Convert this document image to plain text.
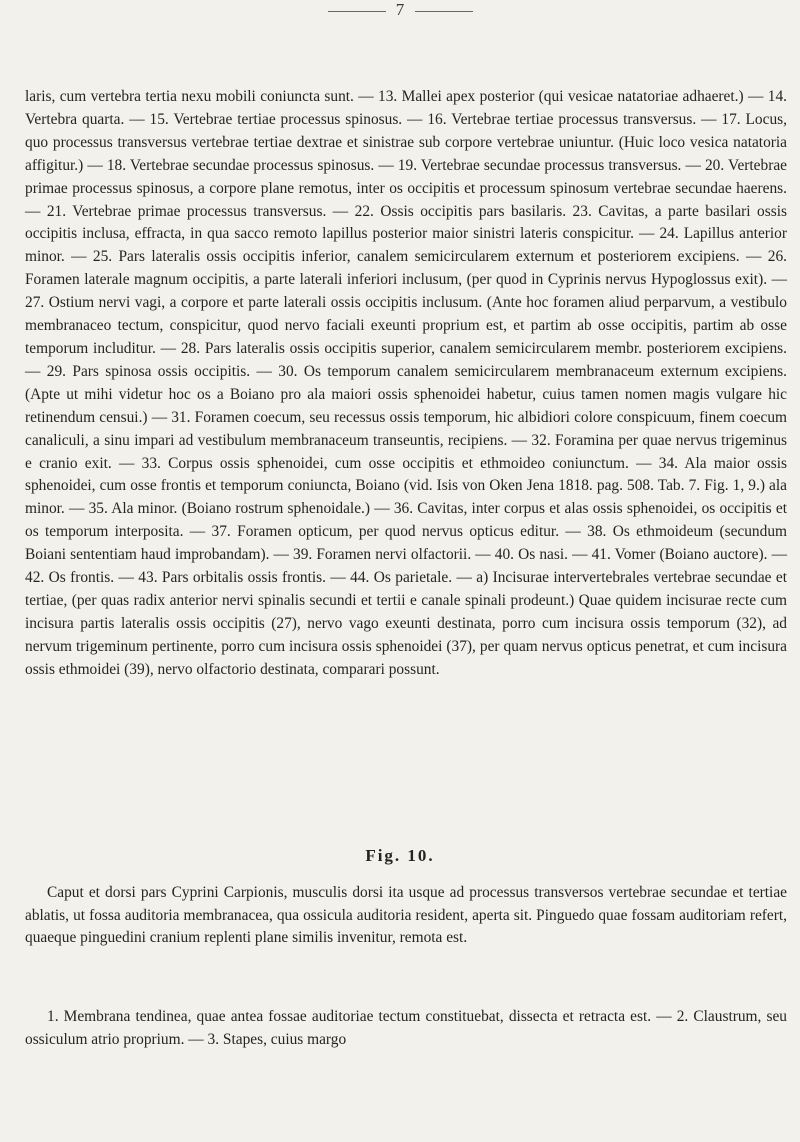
7

laris, cum vertebra tertia nexu mobili coniuncta sunt. — 13. Mallei apex posterior (qui vesicae natatoriae adhaeret.) — 14. Vertebra quarta. — 15. Vertebrae tertiae processus spinosus. — 16. Vertebrae tertiae processus transversus. — 17. Locus, quo processus transversus vertebrae tertiae dextrae et sinistrae sub corpore vertebrae uniuntur. (Huic loco vesica natatoria affigitur.) — 18. Vertebrae secundae processus spinosus. — 19. Vertebrae secundae processus transversus. — 20. Vertebrae primae processus spinosus, a corpore plane remotus, inter os occipitis et processum spinosum vertebrae secundae haerens. — 21. Vertebrae primae processus transversus. — 22. Ossis occipitis pars basilaris. 23. Cavitas, a parte basilari ossis occipitis inclusa, effracta, in qua sacco remoto lapillus posterior maior sinistri lateris conspicitur. — 24. Lapillus anterior minor. — 25. Pars lateralis ossis occipitis inferior, canalem semicircularem externum et posteriorem excipiens. — 26. Foramen laterale magnum occipitis, a parte laterali inferiori inclusum, (per quod in Cyprinis nervus Hypoglossus exit). — 27. Ostium nervi vagi, a corpore et parte laterali ossis occipitis inclusum. (Ante hoc foramen aliud perparvum, a vestibulo membranaceo tectum, conspicitur, quod nervo faciali exeunti proprium est, et partim ab osse occipitis, partim ab osse temporum includitur. — 28. Pars lateralis ossis occipitis superior, canalem semicircularem membr. posteriorem excipiens. — 29. Pars spinosa ossis occipitis. — 30. Os temporum canalem semicircularem membranaceum externum excipiens. (Apte ut mihi videtur hoc os a Boiano pro ala maiori ossis sphenoidei habetur, cuius tamen nomen magis vulgare hic retinendum censui.) — 31. Foramen coecum, seu recessus ossis temporum, hic albidiori colore conspicuum, finem coecum canaliculi, a sinu impari ad vestibulum membranaceum transeuntis, recipiens. — 32. Foramina per quae nervus trigeminus e cranio exit. — 33. Corpus ossis sphenoidei, cum osse occipitis et ethmoideo coniunctum. — 34. Ala maior ossis sphenoidei, cum osse frontis et temporum coniuncta, Boiano (vid. Isis von Oken Jena 1818. pag. 508. Tab. 7. Fig. 1, 9.) ala minor. — 35. Ala minor. (Boiano rostrum sphenoidale.) — 36. Cavitas, inter corpus et alas ossis sphenoidei, os occipitis et os temporum interposita. — 37. Foramen opticum, per quod nervus opticus editur. — 38. Os ethmoideum (secundum Boiani sententiam haud improbandam). — 39. Foramen nervi olfactorii. — 40. Os nasi. — 41. Vomer (Boiano auctore). — 42. Os frontis. — 43. Pars orbitalis ossis frontis. — 44. Os parietale. — a) Incisurae intervertebrales vertebrae secundae et tertiae, (per quas radix anterior nervi spinalis secundi et tertii e canale spinali prodeunt.) Quae quidem incisurae recte cum incisura partis lateralis ossis occipitis (27), nervo vago exeunti destinata, porro cum incisura ossis temporum (32), ad nervum trigeminum pertinente, porro cum incisura ossis sphenoidei (37), per quam nervus opticus penetrat, et cum incisura ossis ethmoidei (39), nervo olfactorio destinata, comparari possunt.

Fig. 10.

Caput et dorsi pars Cyprini Carpionis, musculis dorsi ita usque ad processus transversos vertebrae secundae et tertiae ablatis, ut fossa auditoria membranacea, qua ossicula auditoria resident, aperta sit. Pinguedo quae fossam auditoriam refert, quaeque pinguedini cranium replenti plane similis invenitur, remota est.

1. Membrana tendinea, quae antea fossae auditoriae tectum constituebat, dissecta et retracta est. — 2. Claustrum, seu ossiculum atrio proprium. — 3. Stapes, cuius margo
